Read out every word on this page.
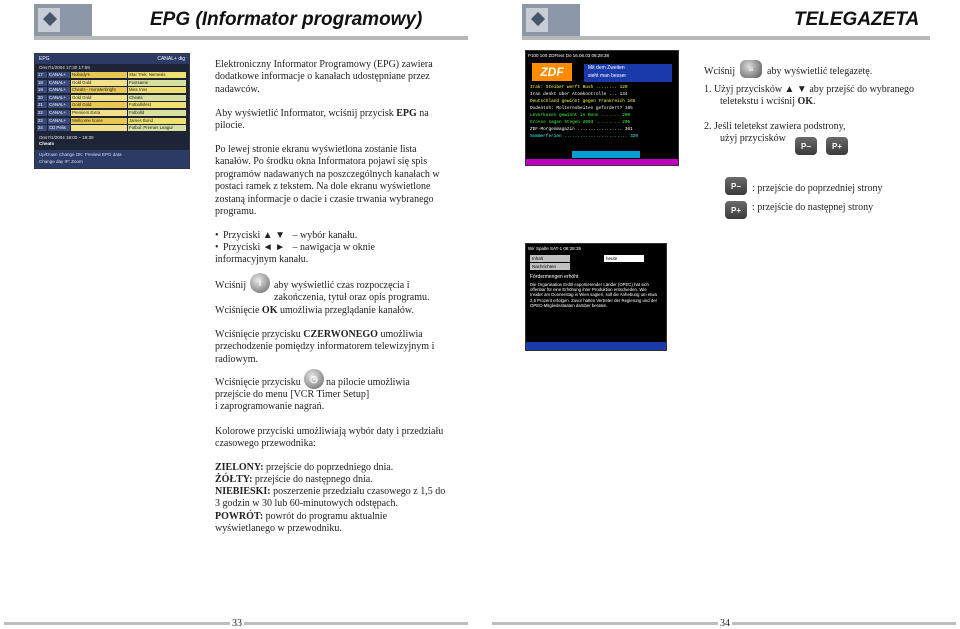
EPG (Informator programowy)
EPG	CANAL+ dig
Ons7/1/2004 17:30 17:59
17	CANAL+	Nobody's	Star Trek: Nemesis
18	CANAL+	Gold Gold	Footsame
19	CANAL+	Cheats - monsterbright	Miss Inns
20	CANAL+	Gold Gold	Cheats
21	CANAL+	Gold Gold	Fotbollsfest
22	CANAL+	Premiers Extra	Fotbolld
23	CANAL+	Wellcome home	James Bond
24	CD Pelis	Fotbol: Premier Leagur
Ons7/1/2004 18:00 – 19:30
Cheats
Up/Down Change OK: Preview EPG data
Change day IP: Zoom
Elektroniczny Informator Programowy (EPG) zawiera dodatkowe informacje o kanałach udostępniane przez nadawców.
Aby wyświetlić Informator, wciśnij przycisk EPG na pilocie.
Po lewej stronie ekranu wyświetlona zostanie lista kanałów. Po środku okna Informatora pojawi się spis programów nadawanych na poszczególnych kanałach w postaci ramek z tekstem. Na dole ekranu wyświetlone zostaną informacje o dacie i czasie trwania wybranego programu.
• Przyciski ▲ ▼ – wybór kanału.
• Przyciski ◄ ► – nawigacja w oknie informacyjnym kanału.
Wciśnij	i	aby wyświetlić czas rozpoczęcia i zakończenia, tytuł oraz opis programu.
Wciśnięcie OK umożliwia przeglądanie kanałów.
Wciśnięcie przycisku CZERWONEGO umożliwia przechodzenie pomiędzy informatorem telewizyjnym i radiowym.
Wciśnięcie przycisku	◷ na pilocie umożliwia przejście do menu [VCR Timer Setup]
i zaprogramowanie nagrań.
Kolorowe przyciski umożliwiają wybór daty i przedziału czasowego przewodnika:
ZIELONY: przejście do poprzedniego dnia.
ŻÓŁTY: przejście do następnego dnia.
NIEBIESKI: poszerzenie przedziału czasowego z 1,5 do 3 godzin w 30 lub 60-minutowych odstępach.
POWRÓT: powrót do programu aktualnie wyświetlanego w przewodniku.
33
TELEGAZETA
P100 100 ZDFtext Do 16.06.03 08:28:38
ZDF	Mit dem Zweiten
sieht man besser
Irak: Steiber werft Bush ........ 120
Iran denkt über Atomkontrolle ... 134
Deutschland gewinnt gegen Frankreich 165
Dodentsh: Molteresbeiten gefordert? 165
Leverkusen gewinnt in Bonn ....... 200
Grosse sagen Stegen 2003 ......... 205
ZDF-Morgenmagazin ................. 361
Sommerferien ........................ 320
Wir Spalte SAT-1 08:28:35
Inhalt	heute
Nachrichten
Fördermengen erhöht
Die Organisation Erdöl exportierender Länder (OPEC) hat sich offenbar für eine Erhöhung ihrer Produktion entschieden. Wie Insider am Donnerstag in Wien sagten, soll die Anhebung um etwa 2,5 Prozent erfolgen. Zuvor hatten Vertreter der Regierung und der OPEC-Mitgliedsstaaten darüber beraten.
Wciśnij	≡	aby wyświetlić telegazetę.
1. Użyj przycisków ▲ ▼ aby przejść do wybranego
teletekstu i wciśnij OK.
2. Jeśli teletekst zawiera podstrony,
użyj przycisków
P−	P+
P−	: przejście do poprzedniej strony
P+	: przejście do następnej strony
34
